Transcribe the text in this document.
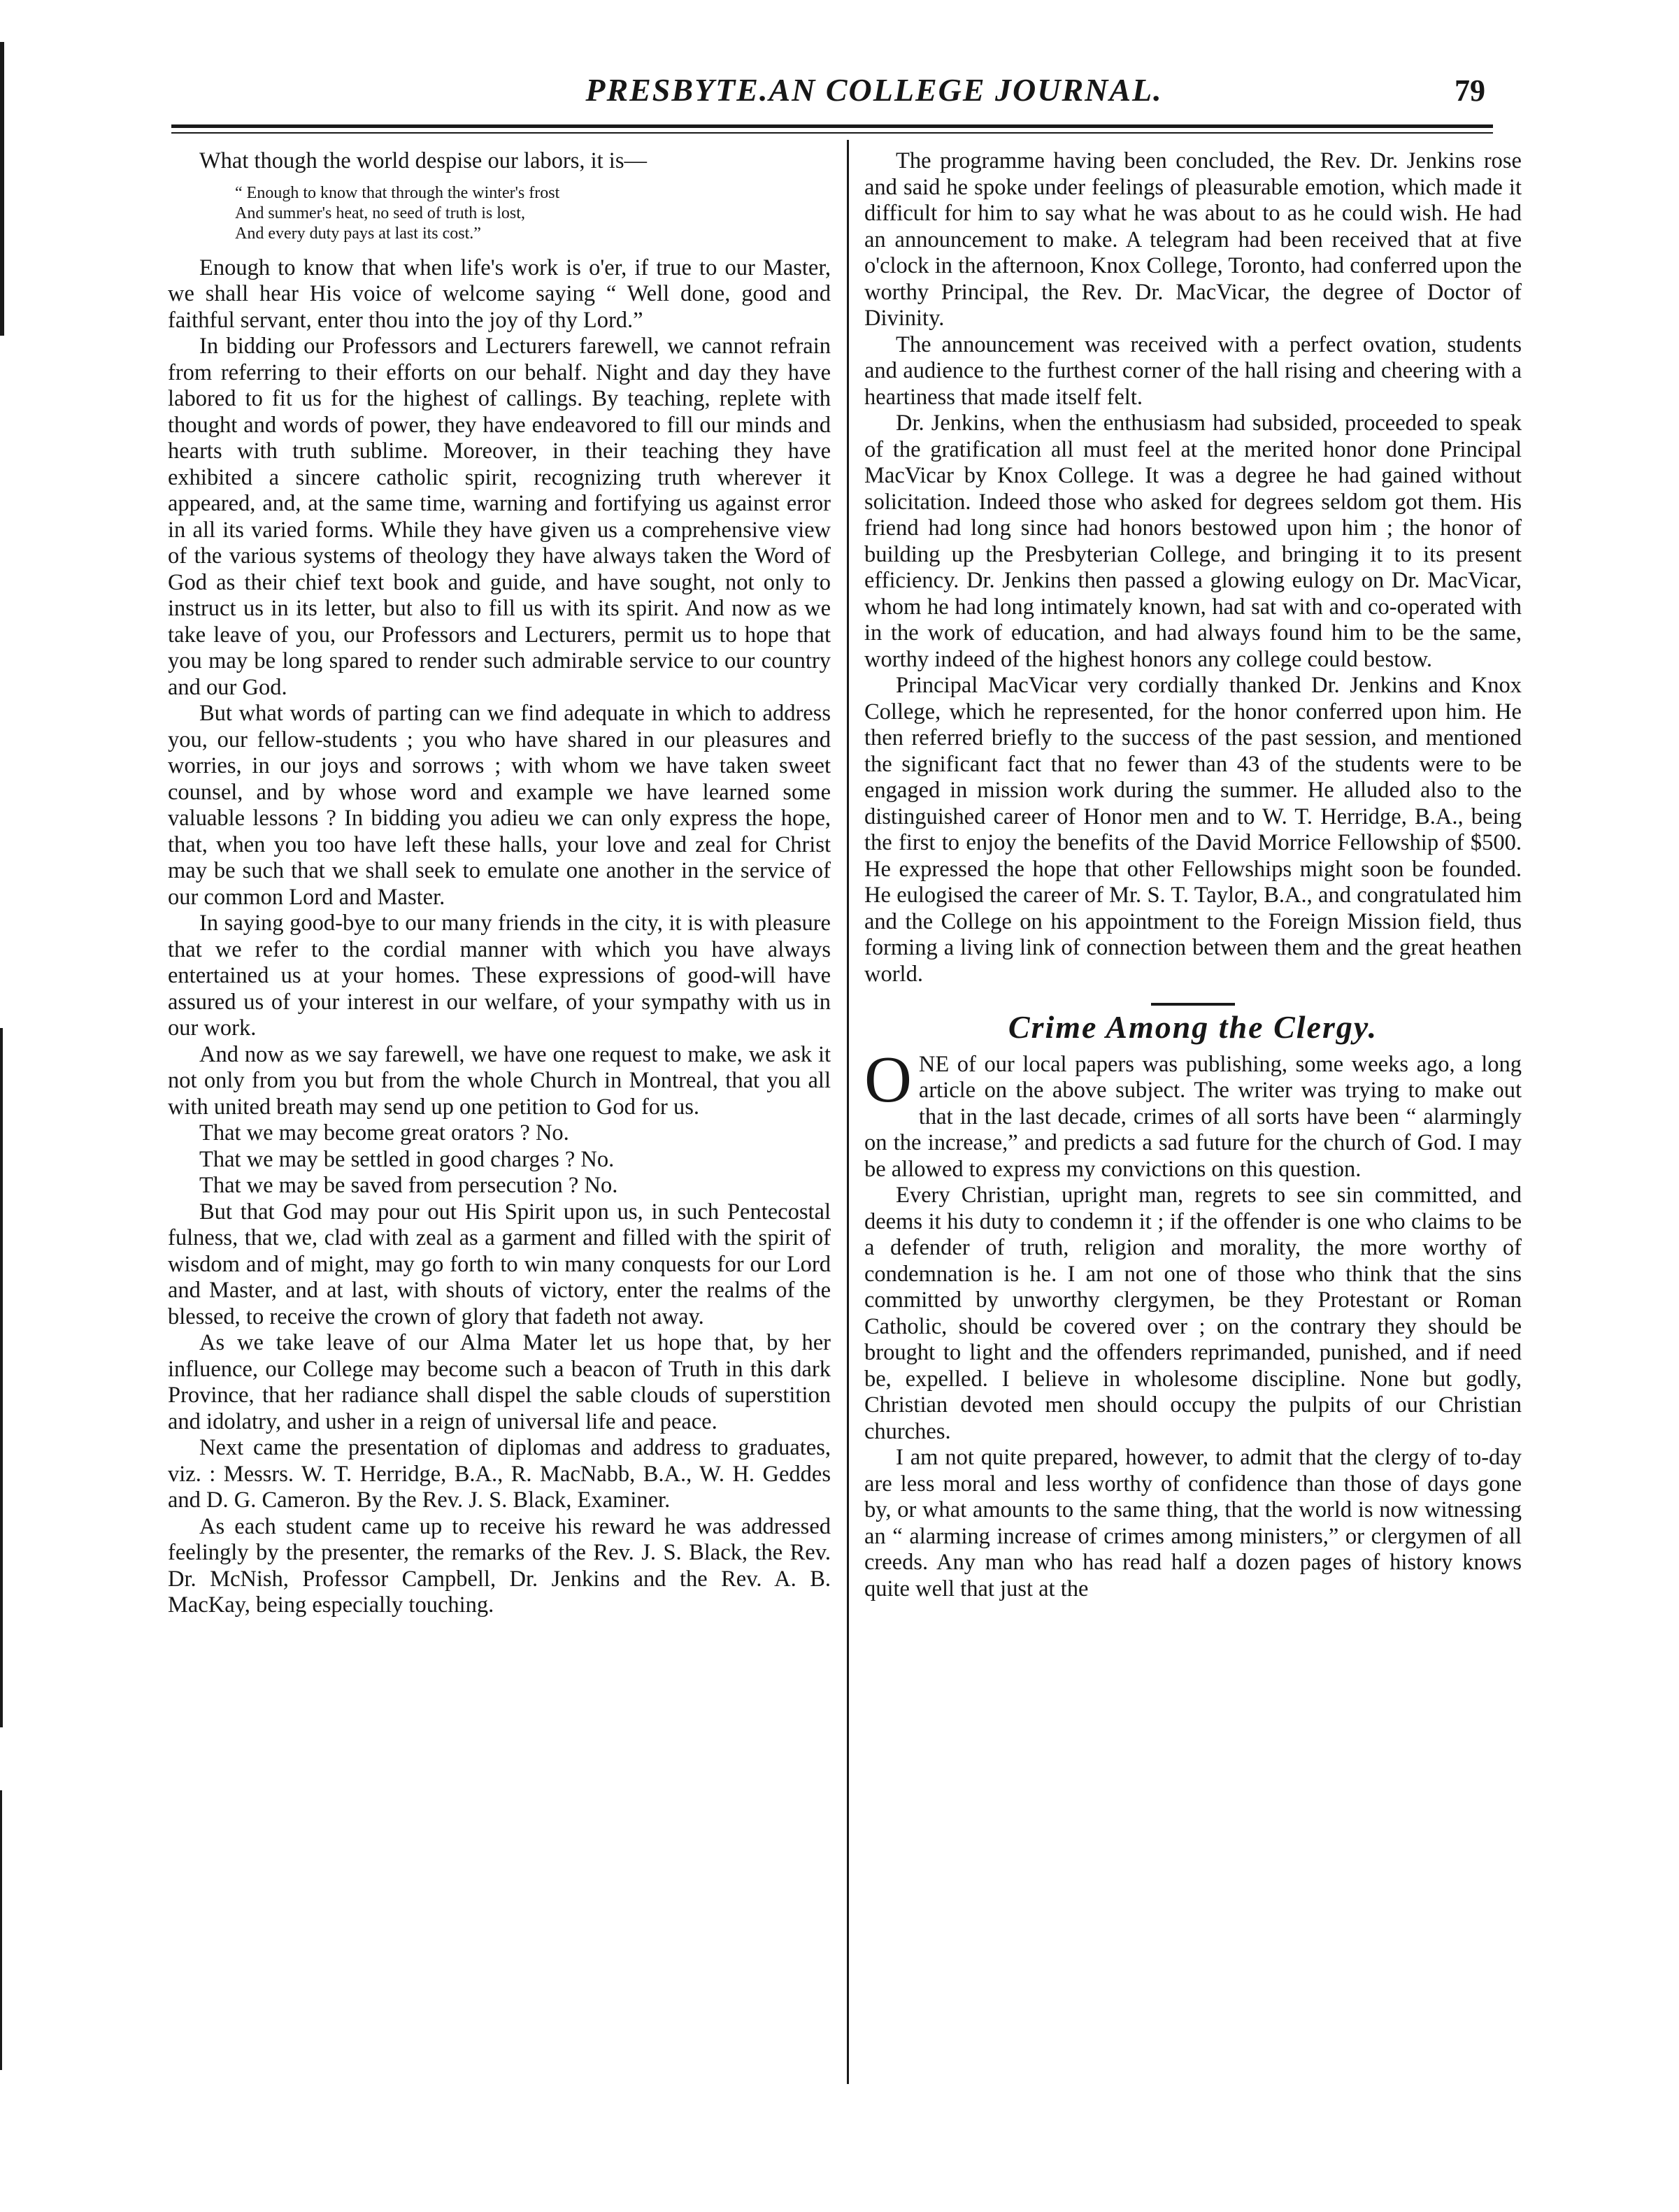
PRESBYTE.AN COLLEGE JOURNAL.	79

What though the world despise our labors, it is—

“ Enough to know that through the winter's frost
And summer's heat, no seed of truth is lost,
And every duty pays at last its cost.”

Enough to know that when life's work is o'er, if true to our Master, we shall hear His voice of welcome saying “ Well done, good and faithful servant, enter thou into the joy of thy Lord.”

In bidding our Professors and Lecturers farewell, we cannot refrain from referring to their efforts on our behalf. Night and day they have labored to fit us for the highest of callings. By teaching, replete with thought and words of power, they have endeavored to fill our minds and hearts with truth sublime. Moreover, in their teaching they have exhibited a sincere catholic spirit, recognizing truth wherever it appeared, and, at the same time, warning and fortifying us against error in all its varied forms. While they have given us a comprehensive view of the various systems of theology they have always taken the Word of God as their chief text book and guide, and have sought, not only to instruct us in its letter, but also to fill us with its spirit. And now as we take leave of you, our Professors and Lecturers, permit us to hope that you may be long spared to render such admirable service to our country and our God.

But what words of parting can we find adequate in which to address you, our fellow-students ; you who have shared in our pleasures and worries, in our joys and sorrows ; with whom we have taken sweet counsel, and by whose word and example we have learned some valuable lessons ? In bidding you adieu we can only express the hope, that, when you too have left these halls, your love and zeal for Christ may be such that we shall seek to emulate one another in the service of our common Lord and Master.

In saying good-bye to our many friends in the city, it is with pleasure that we refer to the cordial manner with which you have always entertained us at your homes. These expressions of good-will have assured us of your interest in our welfare, of your sympathy with us in our work.

And now as we say farewell, we have one request to make, we ask it not only from you but from the whole Church in Montreal, that you all with united breath may send up one petition to God for us.

That we may become great orators ? No.

That we may be settled in good charges ? No.

That we may be saved from persecution ? No.

But that God may pour out His Spirit upon us, in such Pentecostal fulness, that we, clad with zeal as a garment and filled with the spirit of wisdom and of might, may go forth to win many conquests for our Lord and Master, and at last, with shouts of victory, enter the realms of the blessed, to receive the crown of glory that fadeth not away.

As we take leave of our Alma Mater let us hope that, by her influence, our College may become such a beacon of Truth in this dark Province, that her radiance shall dispel the sable clouds of superstition and idolatry, and usher in a reign of universal life and peace.

Next came the presentation of diplomas and address to graduates, viz. : Messrs. W. T. Herridge, B.A., R. MacNabb, B.A., W. H. Geddes and D. G. Cameron. By the Rev. J. S. Black, Examiner.

As each student came up to receive his reward he was addressed feelingly by the presenter, the remarks of the Rev. J. S. Black, the Rev. Dr. McNish, Professor Campbell, Dr. Jenkins and the Rev. A. B. MacKay, being especially touching.

The programme having been concluded, the Rev. Dr. Jenkins rose and said he spoke under feelings of pleasurable emotion, which made it difficult for him to say what he was about to as he could wish. He had an announcement to make. A telegram had been received that at five o'clock in the afternoon, Knox College, Toronto, had conferred upon the worthy Principal, the Rev. Dr. MacVicar, the degree of Doctor of Divinity.

The announcement was received with a perfect ovation, students and audience to the furthest corner of the hall rising and cheering with a heartiness that made itself felt.

Dr. Jenkins, when the enthusiasm had subsided, proceeded to speak of the gratification all must feel at the merited honor done Principal MacVicar by Knox College. It was a degree he had gained without solicitation. Indeed those who asked for degrees seldom got them. His friend had long since had honors bestowed upon him ; the honor of building up the Presbyterian College, and bringing it to its present efficiency. Dr. Jenkins then passed a glowing eulogy on Dr. MacVicar, whom he had long intimately known, had sat with and co-operated with in the work of education, and had always found him to be the same, worthy indeed of the highest honors any college could bestow.

Principal MacVicar very cordially thanked Dr. Jenkins and Knox College, which he represented, for the honor conferred upon him. He then referred briefly to the success of the past session, and mentioned the significant fact that no fewer than 43 of the students were to be engaged in mission work during the summer. He alluded also to the distinguished career of Honor men and to W. T. Herridge, B.A., being the first to enjoy the benefits of the David Morrice Fellowship of $500. He expressed the hope that other Fellowships might soon be founded. He eulogised the career of Mr. S. T. Taylor, B.A., and congratulated him and the College on his appointment to the Foreign Mission field, thus forming a living link of connection between them and the great heathen world.

Crime Among the Clergy.

ONE of our local papers was publishing, some weeks ago, a long article on the above subject. The writer was trying to make out that in the last decade, crimes of all sorts have been “ alarmingly on the increase,” and predicts a sad future for the church of God. I may be allowed to express my convictions on this question.

Every Christian, upright man, regrets to see sin committed, and deems it his duty to condemn it ; if the offender is one who claims to be a defender of truth, religion and morality, the more worthy of condemnation is he. I am not one of those who think that the sins committed by unworthy clergymen, be they Protestant or Roman Catholic, should be covered over ; on the contrary they should be brought to light and the offenders reprimanded, punished, and if need be, expelled. I believe in wholesome discipline. None but godly, Christian devoted men should occupy the pulpits of our Christian churches.

I am not quite prepared, however, to admit that the clergy of to-day are less moral and less worthy of confidence than those of days gone by, or what amounts to the same thing, that the world is now witnessing an “ alarming increase of crimes among ministers,” or clergymen of all creeds. Any man who has read half a dozen pages of history knows quite well that just at the
